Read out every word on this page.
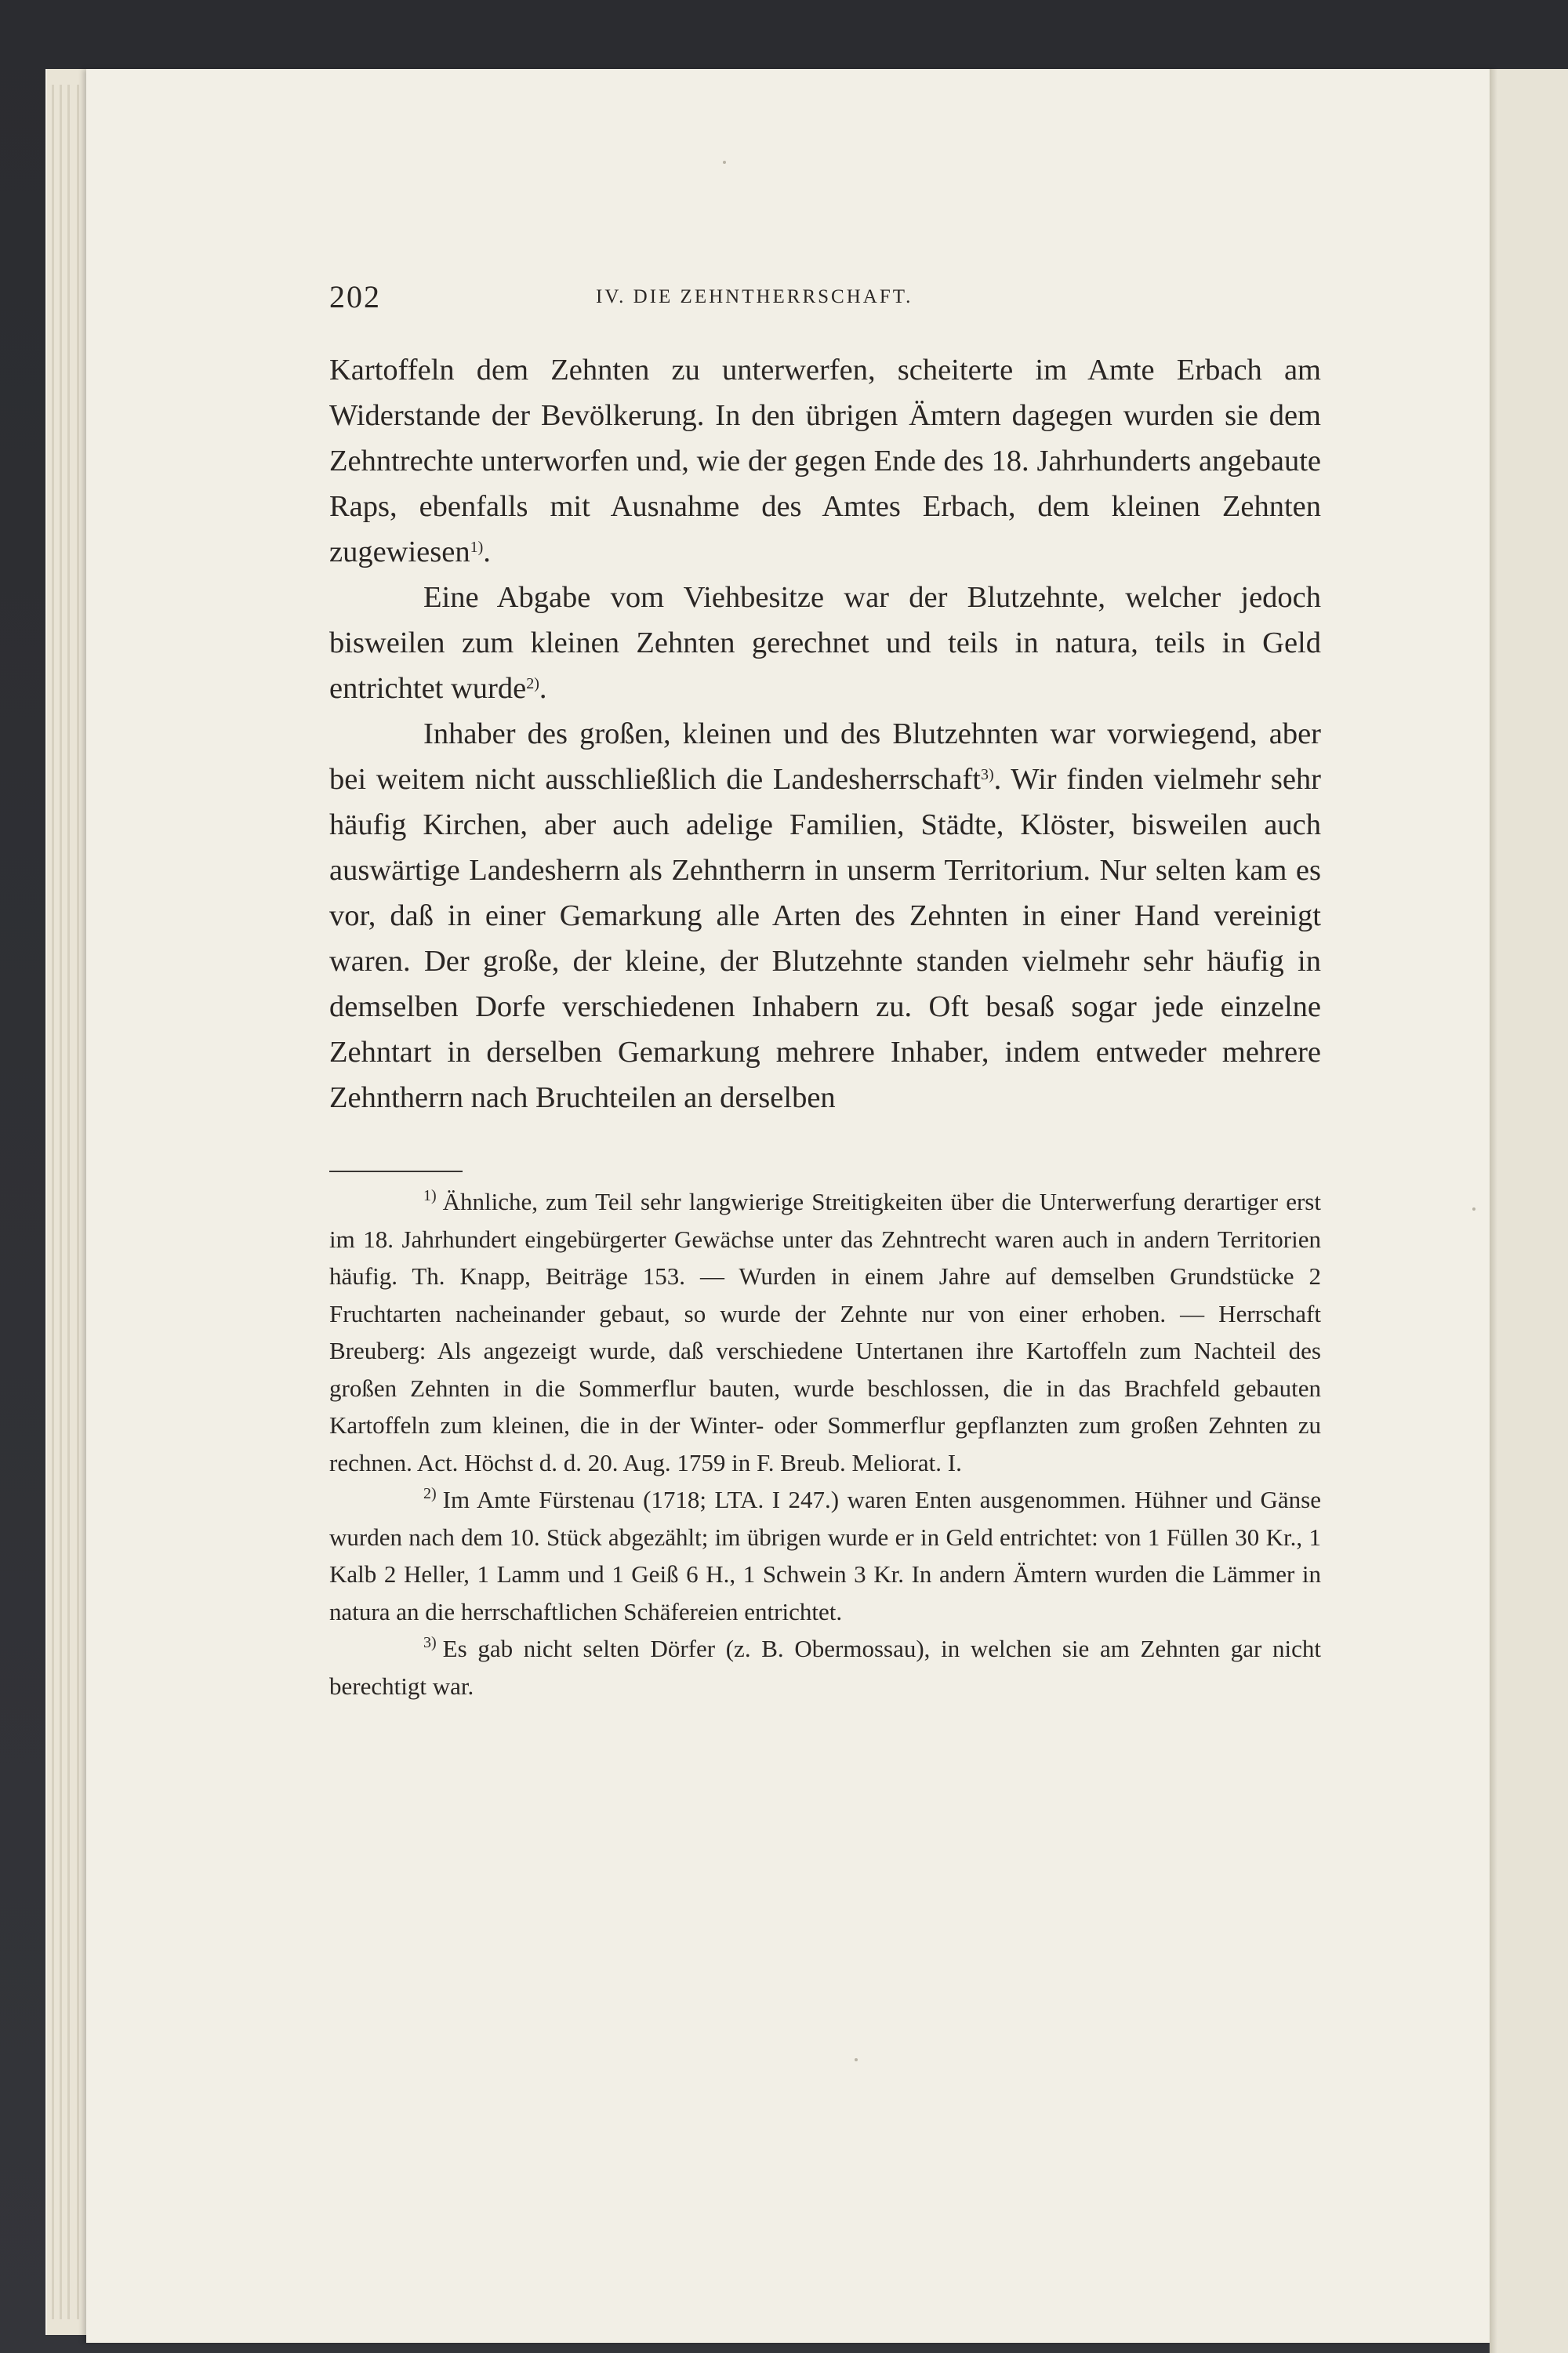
202	IV. DIE ZEHNTHERRSCHAFT.

Kartoffeln dem Zehnten zu unterwerfen, scheiterte im Amte Erbach am Widerstande der Bevölkerung. In den übrigen Ämtern dagegen wurden sie dem Zehntrechte unterworfen und, wie der gegen Ende des 18. Jahrhunderts angebaute Raps, ebenfalls mit Ausnahme des Amtes Erbach, dem kleinen Zehnten zugewiesen$^{1)}$.

Eine Abgabe vom Viehbesitze war der Blutzehnte, welcher jedoch bisweilen zum kleinen Zehnten gerechnet und teils in natura, teils in Geld entrichtet wurde$^{2)}$.

Inhaber des großen, kleinen und des Blutzehnten war vorwiegend, aber bei weitem nicht ausschließlich die Landesherrschaft$^{3)}$. Wir finden vielmehr sehr häufig Kirchen, aber auch adelige Familien, Städte, Klöster, bisweilen auch auswärtige Landesherrn als Zehntherrn in unserm Territorium. Nur selten kam es vor, daß in einer Gemarkung alle Arten des Zehnten in einer Hand vereinigt waren. Der große, der kleine, der Blutzehnte standen vielmehr sehr häufig in demselben Dorfe verschiedenen Inhabern zu. Oft besaß sogar jede einzelne Zehntart in derselben Gemarkung mehrere Inhaber, indem entweder mehrere Zehntherrn nach Bruchteilen an derselben

$^{1)}$ Ähnliche, zum Teil sehr langwierige Streitigkeiten über die Unterwerfung derartiger erst im 18. Jahrhundert eingebürgerter Gewächse unter das Zehntrecht waren auch in andern Territorien häufig. Th. Knapp, Beiträge 153. — Wurden in einem Jahre auf demselben Grundstücke 2 Fruchtarten nacheinander gebaut, so wurde der Zehnte nur von einer erhoben. — Herrschaft Breuberg: Als angezeigt wurde, daß verschiedene Untertanen ihre Kartoffeln zum Nachteil des großen Zehnten in die Sommerflur bauten, wurde beschlossen, die in das Brachfeld gebauten Kartoffeln zum kleinen, die in der Winter- oder Sommerflur gepflanzten zum großen Zehnten zu rechnen. Act. Höchst d. d. 20. Aug. 1759 in F. Breub. Meliorat. I.

$^{2)}$ Im Amte Fürstenau (1718; LTA. I 247.) waren Enten ausgenommen. Hühner und Gänse wurden nach dem 10. Stück abgezählt; im übrigen wurde er in Geld entrichtet: von 1 Füllen 30 Kr., 1 Kalb 2 Heller, 1 Lamm und 1 Geiß 6 H., 1 Schwein 3 Kr. In andern Ämtern wurden die Lämmer in natura an die herrschaftlichen Schäfereien entrichtet.

$^{3)}$ Es gab nicht selten Dörfer (z. B. Obermossau), in welchen sie am Zehnten gar nicht berechtigt war.
